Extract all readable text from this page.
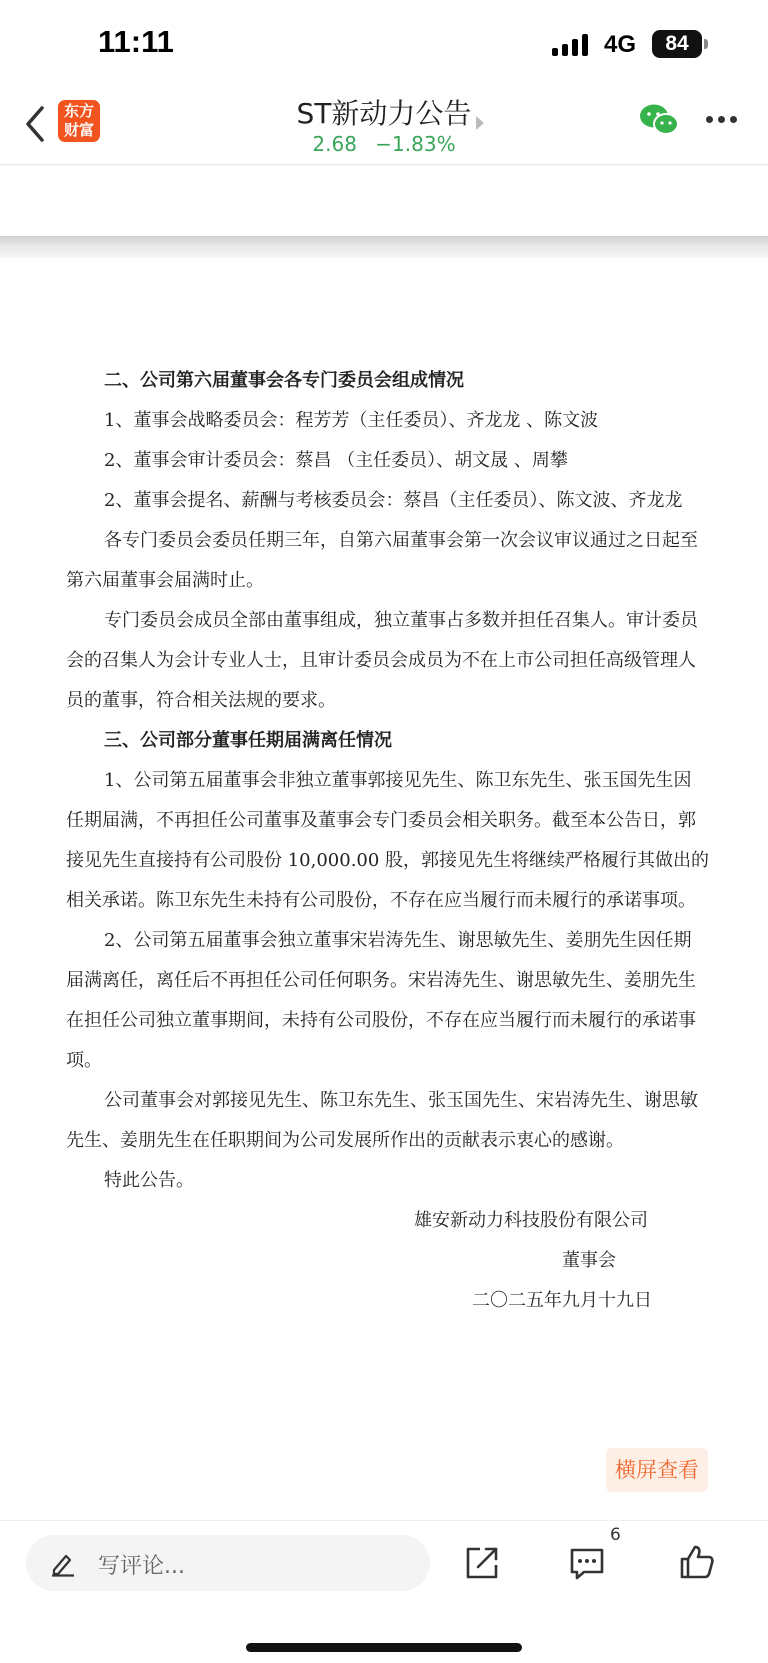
11:11	4G	84
东方
财富	ST新动力公告
2.68 −1.83%
二、公司第六届董事会各专门委员会组成情况
1、董事会战略委员会：程芳芳（主任委员）、齐龙龙 、陈文波
2、董事会审计委员会：蔡昌 （主任委员）、胡文晟 、周攀
2、董事会提名、薪酬与考核委员会：蔡昌（主任委员）、陈文波、齐龙龙
各专门委员会委员任期三年，自第六届董事会第一次会议审议通过之日起至
第六届董事会届满时止。
专门委员会成员全部由董事组成，独立董事占多数并担任召集人。审计委员
会的召集人为会计专业人士，且审计委员会成员为不在上市公司担任高级管理人
员的董事，符合相关法规的要求。
三、公司部分董事任期届满离任情况
1、公司第五届董事会非独立董事郭接见先生、陈卫东先生、张玉国先生因
任期届满，不再担任公司董事及董事会专门委员会相关职务。截至本公告日，郭
接见先生直接持有公司股份 10,000.00 股，郭接见先生将继续严格履行其做出的
相关承诺。陈卫东先生未持有公司股份，不存在应当履行而未履行的承诺事项。
2、公司第五届董事会独立董事宋岩涛先生、谢思敏先生、姜朋先生因任期
届满离任，离任后不再担任公司任何职务。宋岩涛先生、谢思敏先生、姜朋先生
在担任公司独立董事期间，未持有公司股份，不存在应当履行而未履行的承诺事
项。
公司董事会对郭接见先生、陈卫东先生、张玉国先生、宋岩涛先生、谢思敏
先生、姜朋先生在任职期间为公司发展所作出的贡献表示衷心的感谢。
特此公告。
雄安新动力科技股份有限公司
董事会
二〇二五年九月十九日
横屏查看
写评论...
6
